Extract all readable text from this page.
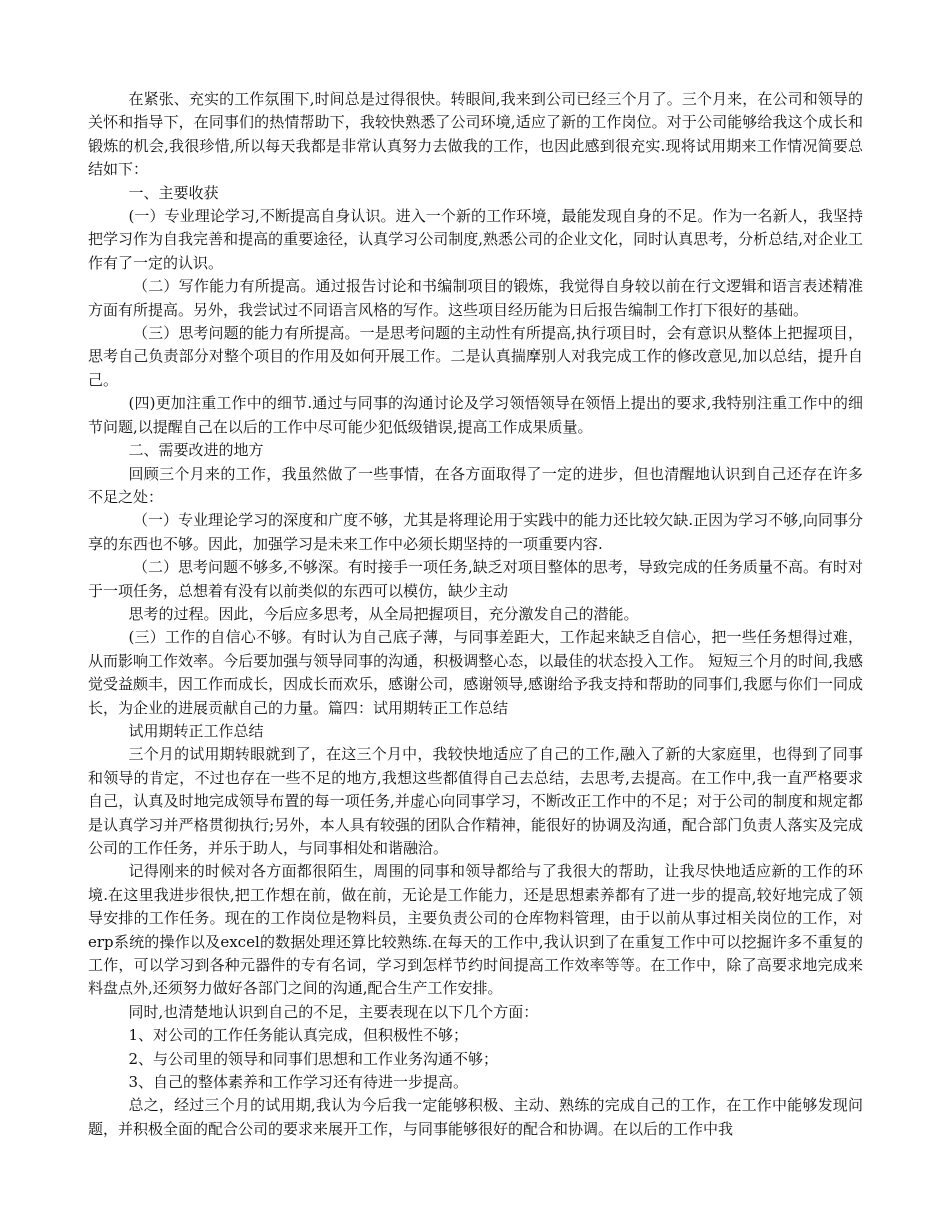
在紧张、充实的工作氛围下,时间总是过得很快。转眼间,我来到公司已经三个月了。三个月来，在公司和领导的关怀和指导下，在同事们的热情帮助下，我较快熟悉了公司环境,适应了新的工作岗位。对于公司能够给我这个成长和锻炼的机会,我很珍惜,所以每天我都是非常认真努力去做我的工作，也因此感到很充实.现将试用期来工作情况简要总结如下：

一、主要收获

(一）专业理论学习,不断提高自身认识。进入一个新的工作环境，最能发现自身的不足。作为一名新人，我坚持把学习作为自我完善和提高的重要途径，认真学习公司制度,熟悉公司的企业文化，同时认真思考，分析总结,对企业工作有了一定的认识。

（二）写作能力有所提高。通过报告讨论和书编制项目的锻炼，我觉得自身较以前在行文逻辑和语言表述精准方面有所提高。另外，我尝试过不同语言风格的写作。这些项目经历能为日后报告编制工作打下很好的基础。

（三）思考问题的能力有所提高。一是思考问题的主动性有所提高,执行项目时，会有意识从整体上把握项目，思考自己负责部分对整个项目的作用及如何开展工作。二是认真揣摩别人对我完成工作的修改意见,加以总结，提升自己。

(四)更加注重工作中的细节.通过与同事的沟通讨论及学习领悟领导在领悟上提出的要求,我特别注重工作中的细节问题,以提醒自己在以后的工作中尽可能少犯低级错误,提高工作成果质量。

二、需要改进的地方

回顾三个月来的工作，我虽然做了一些事情，在各方面取得了一定的进步，但也清醒地认识到自己还存在许多不足之处：

（一）专业理论学习的深度和广度不够，尤其是将理论用于实践中的能力还比较欠缺.正因为学习不够,向同事分享的东西也不够。因此，加强学习是未来工作中必须长期坚持的一项重要内容.

（二）思考问题不够多,不够深。有时接手一项任务,缺乏对项目整体的思考，导致完成的任务质量不高。有时对于一项任务，总想着有没有以前类似的东西可以模仿，缺少主动

思考的过程。因此，今后应多思考，从全局把握项目，充分激发自己的潜能。

(三）工作的自信心不够。有时认为自己底子薄，与同事差距大，工作起来缺乏自信心，把一些任务想得过难，从而影响工作效率。今后要加强与领导同事的沟通，积极调整心态，以最佳的状态投入工作。 短短三个月的时间,我感觉受益颇丰，因工作而成长，因成长而欢乐，感谢公司，感谢领导,感谢给予我支持和帮助的同事们,我愿与你们一同成长，为企业的进展贡献自己的力量。篇四：试用期转正工作总结

试用期转正工作总结

三个月的试用期转眼就到了，在这三个月中，我较快地适应了自己的工作,融入了新的大家庭里，也得到了同事和领导的肯定，不过也存在一些不足的地方,我想这些都值得自己去总结，去思考,去提高。在工作中,我一直严格要求自己，认真及时地完成领导布置的每一项任务,并虚心向同事学习，不断改正工作中的不足；对于公司的制度和规定都是认真学习并严格贯彻执行;另外，本人具有较强的团队合作精神，能很好的协调及沟通，配合部门负责人落实及完成公司的工作任务，并乐于助人，与同事相处和谐融洽。

记得刚来的时候对各方面都很陌生，周围的同事和领导都给与了我很大的帮助，让我尽快地适应新的工作的环境.在这里我进步很快,把工作想在前，做在前，无论是工作能力，还是思想素养都有了进一步的提高,较好地完成了领导安排的工作任务。现在的工作岗位是物料员，主要负责公司的仓库物料管理，由于以前从事过相关岗位的工作，对erp系统的操作以及excel的数据处理还算比较熟练.在每天的工作中,我认识到了在重复工作中可以挖掘许多不重复的工作，可以学习到各种元器件的专有名词，学习到怎样节约时间提高工作效率等等。在工作中，除了高要求地完成来料盘点外,还须努力做好各部门之间的沟通,配合生产工作安排。

同时,也清楚地认识到自己的不足，主要表现在以下几个方面：

1、对公司的工作任务能认真完成，但积极性不够；

2、与公司里的领导和同事们思想和工作业务沟通不够；

3、自己的整体素养和工作学习还有待进一步提高。

总之，经过三个月的试用期,我认为今后我一定能够积极、主动、熟练的完成自己的工作，在工作中能够发现问题，并积极全面的配合公司的要求来展开工作，与同事能够很好的配合和协调。在以后的工作中我
